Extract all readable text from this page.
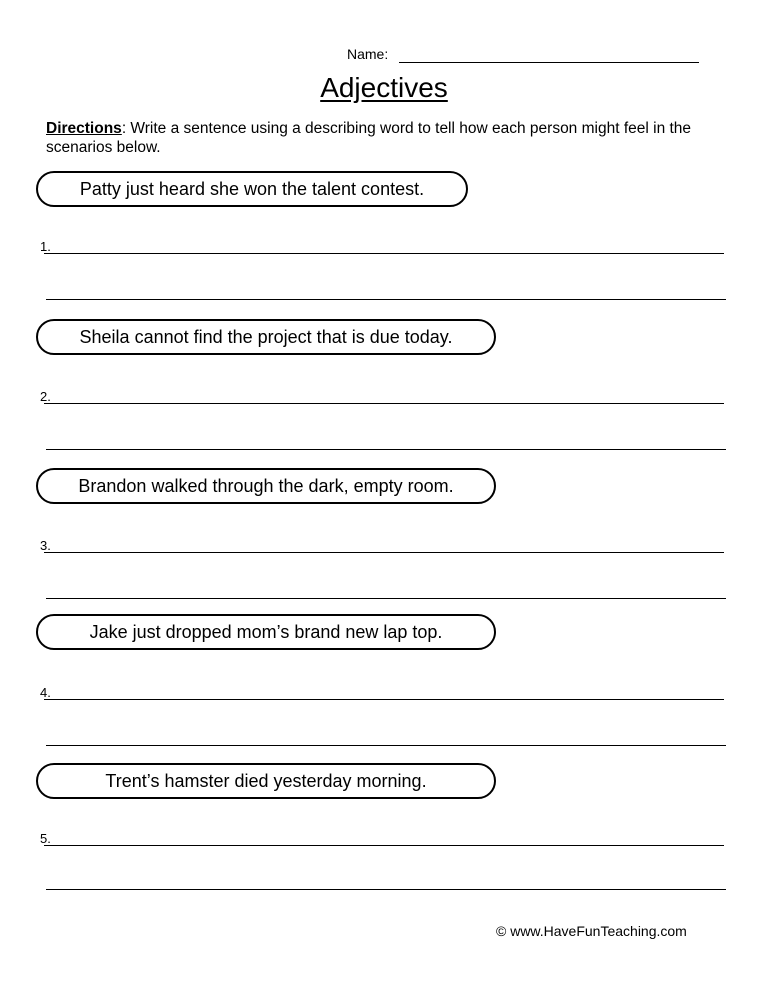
Name:
Adjectives
Directions: Write a sentence using a describing word to tell how each person might feel in the scenarios below.
Patty just heard she won the talent contest.
1.
Sheila cannot find the project that is due today.
2.
Brandon walked through the dark, empty room.
3.
Jake just dropped mom’s brand new lap top.
4.
Trent’s hamster died yesterday morning.
5.
© www.HaveFunTeaching.com
